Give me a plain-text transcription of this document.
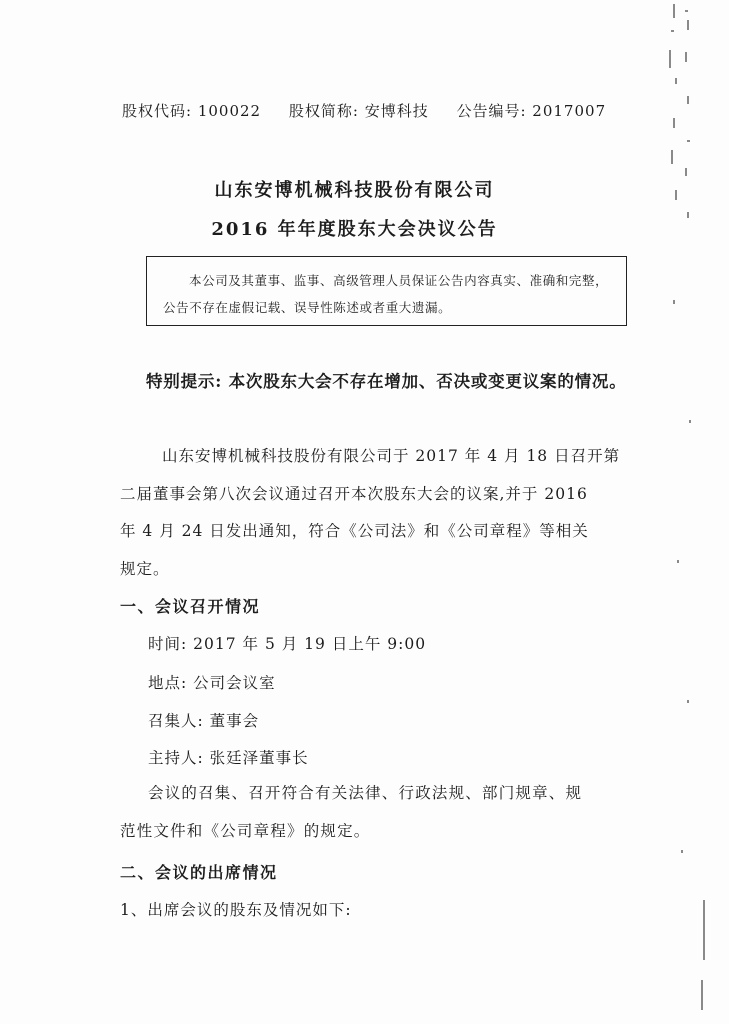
股权代码: 100022 股权简称: 安博科技 公告编号: 2017007
山东安博机械科技股份有限公司
2016 年年度股东大会决议公告
本公司及其董事、监事、高级管理人员保证公告内容真实、准确和完整，公告不存在虚假记载、误导性陈述或者重大遗漏。
特别提示: 本次股东大会不存在增加、否决或变更议案的情况。
山东安博机械科技股份有限公司于 2017 年 4 月 18 日召开第
二届董事会第八次会议通过召开本次股东大会的议案,并于 2016
年 4 月 24 日发出通知，符合《公司法》和《公司章程》等相关
规定。
一、会议召开情况
时间: 2017 年 5 月 19 日上午 9:00
地点: 公司会议室
召集人: 董事会
主持人: 张廷泽董事长
会议的召集、召开符合有关法律、行政法规、部门规章、规
范性文件和《公司章程》的规定。
二、会议的出席情况
1、出席会议的股东及情况如下:
